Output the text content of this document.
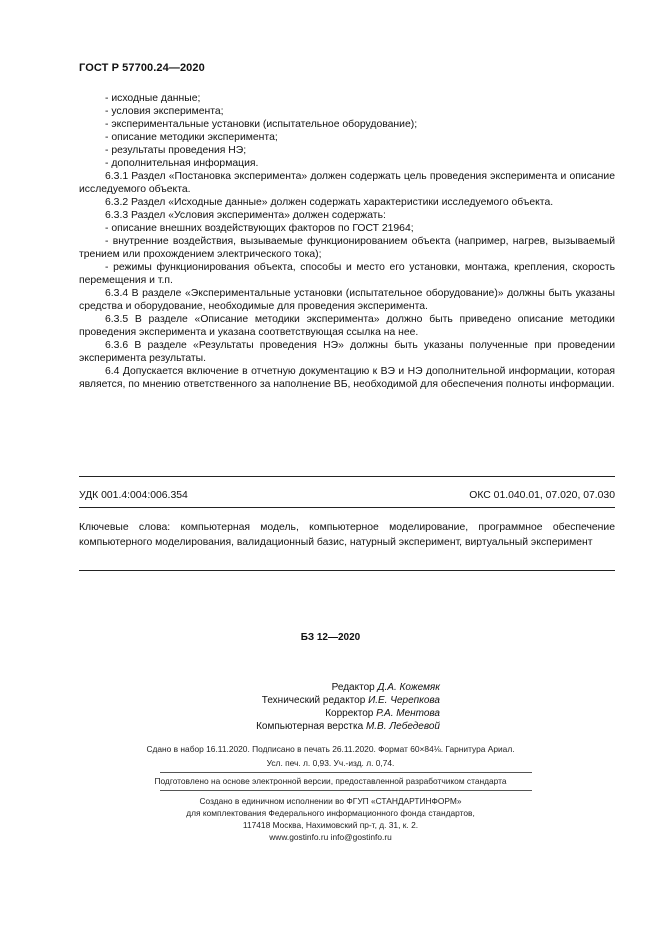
ГОСТ Р 57700.24—2020

- исходные данные;

- условия эксперимента;

- экспериментальные установки (испытательное оборудование);

- описание методики эксперимента;

- результаты проведения НЭ;

- дополнительная информация.

6.3.1 Раздел «Постановка эксперимента» должен содержать цель проведения эксперимента и описание исследуемого объекта.

6.3.2 Раздел «Исходные данные» должен содержать характеристики исследуемого объекта.

6.3.3 Раздел «Условия эксперимента» должен содержать:

- описание внешних воздействующих факторов по ГОСТ 21964;

- внутренние воздействия, вызываемые функционированием объекта (например, нагрев, вызываемый трением или прохождением электрического тока);

- режимы функционирования объекта, способы и место его установки, монтажа, крепления, скорость перемещения и т.п.

6.3.4 В разделе «Экспериментальные установки (испытательное оборудование)» должны быть указаны средства и оборудование, необходимые для проведения эксперимента.

6.3.5 В разделе «Описание методики эксперимента» должно быть приведено описание методики проведения эксперимента и указана соответствующая ссылка на нее.

6.3.6 В разделе «Результаты проведения НЭ» должны быть указаны полученные при проведении эксперимента результаты.

6.4 Допускается включение в отчетную документацию к ВЭ и НЭ дополнительной информации, которая является, по мнению ответственного за наполнение ВБ, необходимой для обеспечения полноты информации.

УДК 001.4:004:006.354	ОКС 01.040.01, 07.020, 07.030
Ключевые слова: компьютерная модель, компьютерное моделирование, программное обеспечение компьютерного моделирования, валидационный базис, натурный эксперимент, виртуальный эксперимент
БЗ 12—2020
Редактор Д.А. Кожемяк
Технический редактор И.Е. Черепкова
Корректор Р.А. Ментова
Компьютерная верстка М.В. Лебедевой
Сдано в набор 16.11.2020. Подписано в печать 26.11.2020. Формат 60×84⅛. Гарнитура Ариал.
Усл. печ. л. 0,93. Уч.-изд. л. 0,74.
Подготовлено на основе электронной версии, предоставленной разработчиком стандарта
Создано в единичном исполнении во ФГУП «СТАНДАРТИНФОРМ»
для комплектования Федерального информационного фонда стандартов,
117418 Москва, Нахимовский пр-т, д. 31, к. 2.
www.gostinfo.ru info@gostinfo.ru
